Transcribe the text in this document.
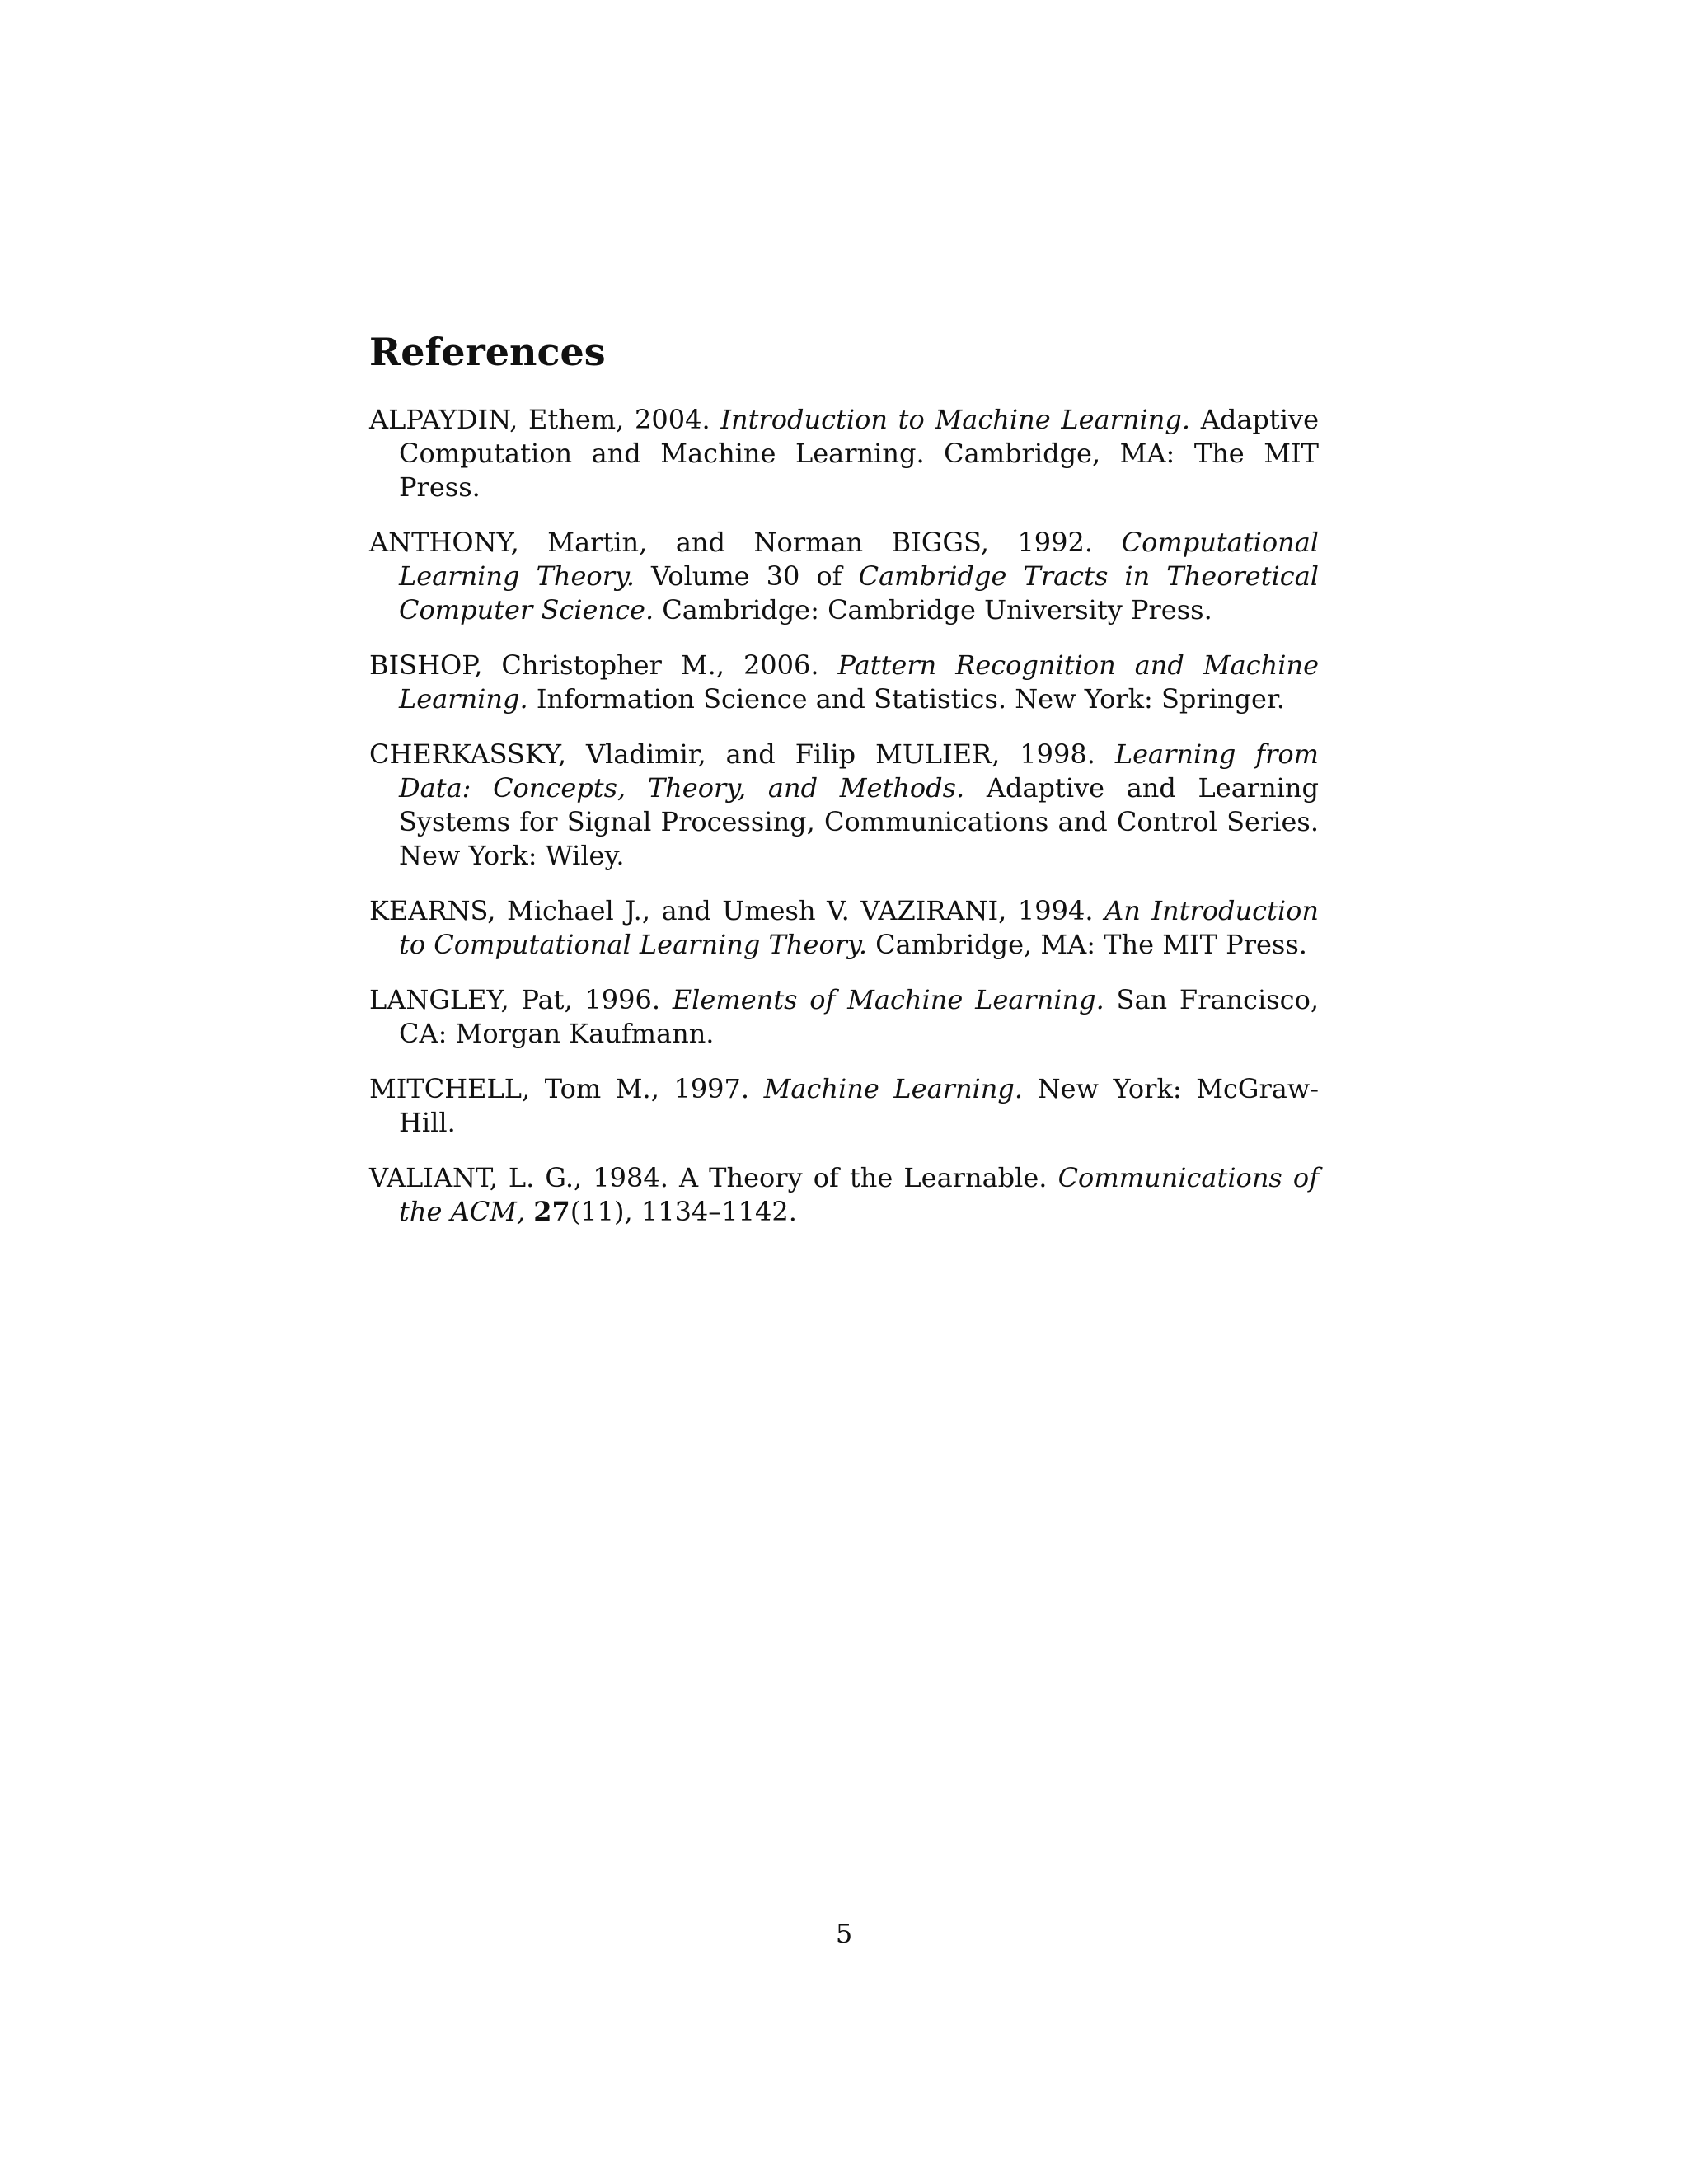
References
ALPAYDIN, Ethem, 2004. Introduction to Machine Learning. Adaptive Computation and Machine Learning. Cambridge, MA: The MIT Press.
ANTHONY, Martin, and Norman BIGGS, 1992. Computational Learning Theory. Volume 30 of Cambridge Tracts in Theoretical Computer Science. Cambridge: Cambridge University Press.
BISHOP, Christopher M., 2006. Pattern Recognition and Machine Learning. Information Science and Statistics. New York: Springer.
CHERKASSKY, Vladimir, and Filip MULIER, 1998. Learning from Data: Concepts, Theory, and Methods. Adaptive and Learning Systems for Signal Processing, Communications and Control Series. New York: Wiley.
KEARNS, Michael J., and Umesh V. VAZIRANI, 1994. An Introduction to Computational Learning Theory. Cambridge, MA: The MIT Press.
LANGLEY, Pat, 1996. Elements of Machine Learning. San Francisco, CA: Morgan Kaufmann.
MITCHELL, Tom M., 1997. Machine Learning. New York: McGraw-Hill.
VALIANT, L. G., 1984. A Theory of the Learnable. Communications of the ACM, 27(11), 1134–1142.
5
